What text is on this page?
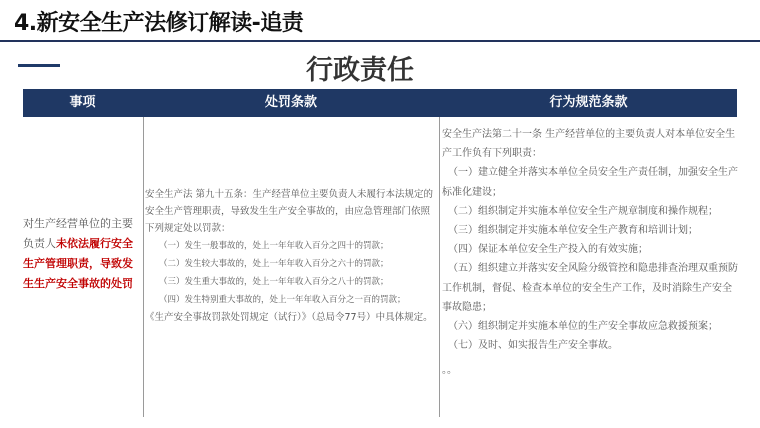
4.新安全生产法修订解读-追责
行政责任
事项	处罚条款	行为规范条款
对生产经营单位的主要负责人未依法履行安全生产管理职责，导致发生生产安全事故的处罚

安全生产法 第九十五条：生产经营单位主要负责人未履行本法规定的安全生产管理职责，导致发生生产安全事故的，由应急管理部门依照下列规定处以罚款：

（一）发生一般事故的，处上一年年收入百分之四十的罚款；

（二）发生较大事故的，处上一年年收入百分之六十的罚款；

（三）发生重大事故的，处上一年年收入百分之八十的罚款；

（四）发生特别重大事故的，处上一年年收入百分之一百的罚款；

《生产安全事故罚款处罚规定（试行）》（总局令77号）中具体规定。

安全生产法第二十一条 生产经营单位的主要负责人对本单位安全生产工作负有下列职责：

（一）建立健全并落实本单位全员安全生产责任制，加强安全生产标准化建设；

（二）组织制定并实施本单位安全生产规章制度和操作规程；

（三）组织制定并实施本单位安全生产教育和培训计划；

（四）保证本单位安全生产投入的有效实施；

（五）组织建立并落实安全风险分级管控和隐患排查治理双重预防工作机制，督促、检查本单位的安全生产工作，及时消除生产安全事故隐患；

（六）组织制定并实施本单位的生产安全事故应急救援预案；

（七）及时、如实报告生产安全事故。

。。
